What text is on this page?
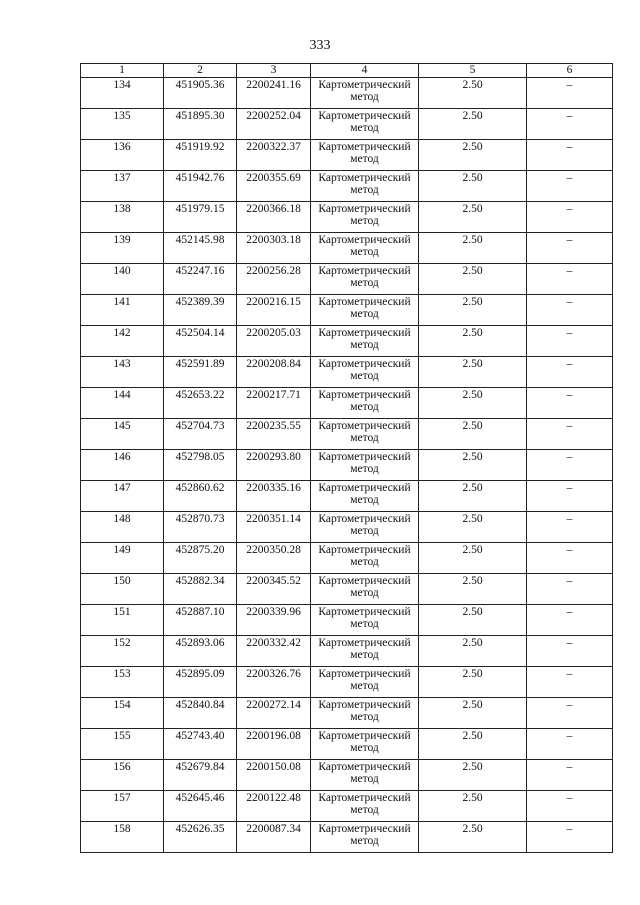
333
1	2	3	4	5	6
134	451905.36	2200241.16	Картометрический метод	2.50	–
135	451895.30	2200252.04	Картометрический метод	2.50	–
136	451919.92	2200322.37	Картометрический метод	2.50	–
137	451942.76	2200355.69	Картометрический метод	2.50	–
138	451979.15	2200366.18	Картометрический метод	2.50	–
139	452145.98	2200303.18	Картометрический метод	2.50	–
140	452247.16	2200256.28	Картометрический метод	2.50	–
141	452389.39	2200216.15	Картометрический метод	2.50	–
142	452504.14	2200205.03	Картометрический метод	2.50	–
143	452591.89	2200208.84	Картометрический метод	2.50	–
144	452653.22	2200217.71	Картометрический метод	2.50	–
145	452704.73	2200235.55	Картометрический метод	2.50	–
146	452798.05	2200293.80	Картометрический метод	2.50	–
147	452860.62	2200335.16	Картометрический метод	2.50	–
148	452870.73	2200351.14	Картометрический метод	2.50	–
149	452875.20	2200350.28	Картометрический метод	2.50	–
150	452882.34	2200345.52	Картометрический метод	2.50	–
151	452887.10	2200339.96	Картометрический метод	2.50	–
152	452893.06	2200332.42	Картометрический метод	2.50	–
153	452895.09	2200326.76	Картометрический метод	2.50	–
154	452840.84	2200272.14	Картометрический метод	2.50	–
155	452743.40	2200196.08	Картометрический метод	2.50	–
156	452679.84	2200150.08	Картометрический метод	2.50	–
157	452645.46	2200122.48	Картометрический метод	2.50	–
158	452626.35	2200087.34	Картометрический метод	2.50	–
